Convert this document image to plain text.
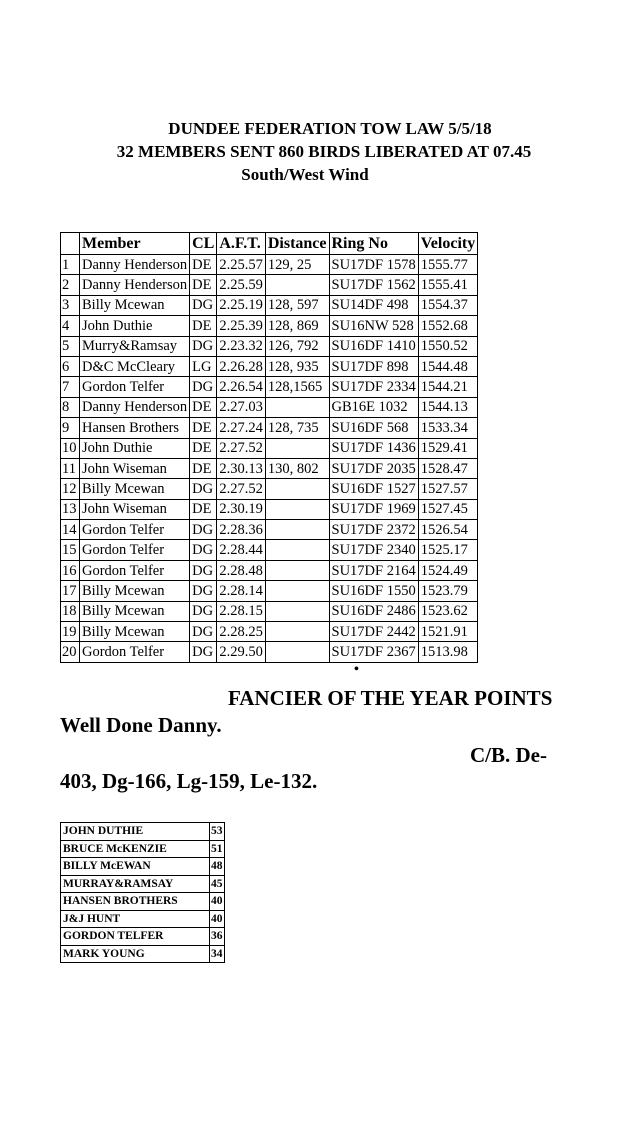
DUNDEE FEDERATION TOW LAW 5/5/18
32 MEMBERS SENT 860 BIRDS LIBERATED AT 07.45
South/West Wind
	Member	CL	A.F.T.	Distance	Ring No	Velocity
1	Danny Henderson	DE	2.25.57	129, 25	SU17DF 1578	1555.77
2	Danny Henderson	DE	2.25.59		SU17DF 1562	1555.41
3	Billy Mcewan	DG	2.25.19	128, 597	SU14DF 498	1554.37
4	John Duthie	DE	2.25.39	128, 869	SU16NW 528	1552.68
5	Murry&Ramsay	DG	2.23.32	126, 792	SU16DF 1410	1550.52
6	D&C McCleary	LG	2.26.28	128, 935	SU17DF 898	1544.48
7	Gordon Telfer	DG	2.26.54	128,1565	SU17DF 2334	1544.21
8	Danny Henderson	DE	2.27.03		GB16E 1032	1544.13
9	Hansen Brothers	DE	2.27.24	128, 735	SU16DF 568	1533.34
10	John Duthie	DE	2.27.52		SU17DF 1436	1529.41
11	John Wiseman	DE	2.30.13	130, 802	SU17DF 2035	1528.47
12	Billy Mcewan	DG	2.27.52		SU16DF 1527	1527.57
13	John Wiseman	DE	2.30.19		SU17DF 1969	1527.45
14	Gordon Telfer	DG	2.28.36		SU17DF 2372	1526.54
15	Gordon Telfer	DG	2.28.44		SU17DF 2340	1525.17
16	Gordon Telfer	DG	2.28.48		SU17DF 2164	1524.49
17	Billy Mcewan	DG	2.28.14		SU16DF 1550	1523.79
18	Billy Mcewan	DG	2.28.15		SU16DF 2486	1523.62
19	Billy Mcewan	DG	2.28.25		SU17DF 2442	1521.91
20	Gordon Telfer	DG	2.29.50		SU17DF 2367	1513.98
•
FANCIER OF THE YEAR POINTS
Well Done Danny.
C/B. De-
403, Dg-166, Lg-159, Le-132.
JOHN DUTHIE	53
BRUCE McKENZIE	51
BILLY McEWAN	48
MURRAY&RAMSAY	45
HANSEN BROTHERS	40
J&J HUNT	40
GORDON TELFER	36
MARK YOUNG	34
